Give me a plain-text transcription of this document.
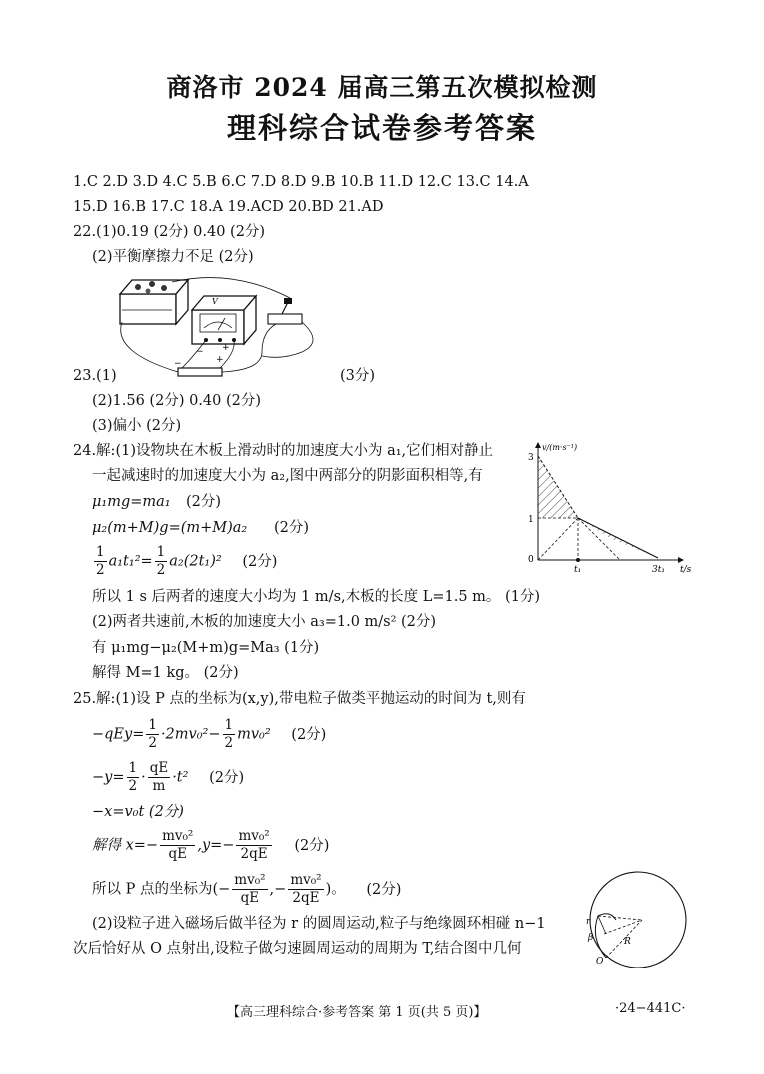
商洛市 2024 届高三第五次模拟检测
理科综合试卷参考答案
1.C 2.D 3.D 4.C 5.B 6.C 7.D 8.D 9.B 10.B 11.D 12.C 13.C 14.A
15.D 16.B 17.C 18.A 19.ACD 20.BD 21.AD
22.(1)0.19 (2分) 0.40 (2分)
(2)平衡摩擦力不足 (2分)
V
−	+
− +
23.(1)	(3分)
(2)1.56 (2分) 0.40 (2分)
(3)偏小 (2分)
24.解:(1)设物块在木板上滑动时的加速度大小为 a₁,它们相对静止
一起减速时的加速度大小为 a₂,图中两部分的阴影面积相等,有
μ₁mg=ma₁ (2分)
μ₂(m+M)g=(m+M)a₂ (2分)
$\frac{1}{2} a_1t_1^2= \frac{1}{2} a_2(2t_1)^2$ (2分)
所以 1 s 后两者的速度大小均为 1 m/s,木板的长度 L=1.5 m。 (1分)
(2)两者共速前,木板的加速度大小 a₃=1.0 m/s² (2分)
有 μ₁mg−μ₂(M+m)g=Ma₃ (1分)
解得 M=1 kg。 (2分)
v/(m·s⁻¹)
3
1
0
t₁	3t₁ t/s
25.解:(1)设 P 点的坐标为(x,y),带电粒子做类平抛运动的时间为 t,则有
$-qEy= \frac{1}{2} \cdot 2mv_0^2- \frac{1}{2} mv_0^2$ (2分)
$-y= \frac{1}{2} \cdot \frac{qE}{m} \cdot t^2$ (2分)
−x=v₀t (2分)
解得 $x=- \frac{\text{mv₀²}}{qE} ,y=- \frac{\text{mv₀²}}{2qE} (2$分)
所以 P 点的坐标为(− $\frac{\text{mv₀²}}{qE}$ ,− $\frac{\text{mv₀²}}{2qE}$ )。 (2分)
(2)设粒子进入磁场后做半径为 r 的圆周运动,粒子与绝缘圆环相碰 n−1
次后恰好从 O 点射出,设粒子做匀速圆周运动的周期为 T,结合图中几何
r
β	R
O
【高三理科综合·参考答案 第 1 页(共 5 页)】	·24−441C·
